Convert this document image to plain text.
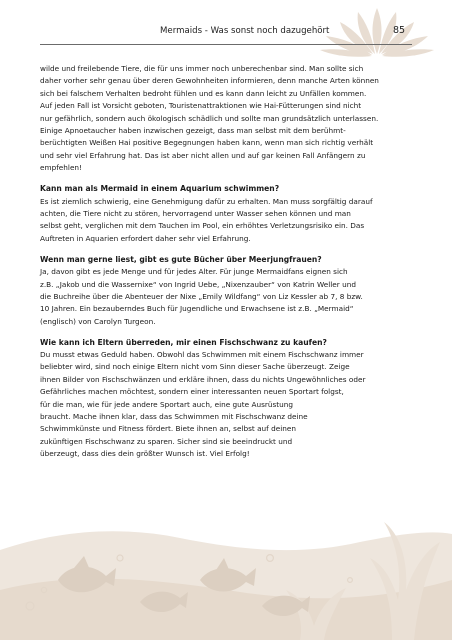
Mermaids - Was sonst noch dazugehört	85
wilde und freilebende Tiere, die für uns immer noch unberechenbar sind. Man sollte sich
daher vorher sehr genau über deren Gewohnheiten informieren, denn manche Arten können
sich bei falschem Verhalten bedroht fühlen und es kann dann leicht zu Unfällen kommen.
Auf jeden Fall ist Vorsicht geboten, Touristenattraktionen wie Hai-Fütterungen sind nicht
nur gefährlich, sondern auch ökologisch schädlich und sollte man grundsätzlich unterlassen.
Einige Apnoetaucher haben inzwischen gezeigt, dass man selbst mit dem berühmt-
berüchtigten Weißen Hai positive Begegnungen haben kann, wenn man sich richtig verhält
und sehr viel Erfahrung hat. Das ist aber nicht allen und auf gar keinen Fall Anfängern zu
empfehlen!
Kann man als Mermaid in einem Aquarium schwimmen?
Es ist ziemlich schwierig, eine Genehmigung dafür zu erhalten. Man muss sorgfältig darauf
achten, die Tiere nicht zu stören, hervorragend unter Wasser sehen können und man
selbst geht, verglichen mit dem Tauchen im Pool, ein erhöhtes Verletzungsrisiko ein. Das
Auftreten in Aquarien erfordert daher sehr viel Erfahrung.
Wenn man gerne liest, gibt es gute Bücher über Meerjungfrauen?
Ja, davon gibt es jede Menge und für jedes Alter. Für junge Mermaidfans eignen sich
z.B. „Jakob und die Wassernixe“ von Ingrid Uebe, „Nixenzauber“ von Katrin Weller und
die Buchreihe über die Abenteuer der Nixe „Emily Wildfang“ von Liz Kessler ab 7, 8 bzw.
10 Jahren. Ein bezauberndes Buch für Jugendliche und Erwachsene ist z.B. „Mermaid“
(englisch) von Carolyn Turgeon.
Wie kann ich Eltern überreden, mir einen Fischschwanz zu kaufen?
Du musst etwas Geduld haben. Obwohl das Schwimmen mit einem Fischschwanz immer
beliebter wird, sind noch einige Eltern nicht vom Sinn dieser Sache überzeugt. Zeige
ihnen Bilder von Fischschwänzen und erkläre ihnen, dass du nichts Ungewöhnliches oder
Gefährliches machen möchtest, sondern einer interessanten neuen Sportart folgst,
für die man, wie für jede andere Sportart auch, eine gute Ausrüstung
braucht. Mache ihnen klar, dass das Schwimmen mit Fischschwanz deine
Schwimmkünste und Fitness fördert. Biete ihnen an, selbst auf deinen
zukünftigen Fischschwanz zu sparen. Sicher sind sie beeindruckt und
überzeugt, dass dies dein größter Wunsch ist. Viel Erfolg!
